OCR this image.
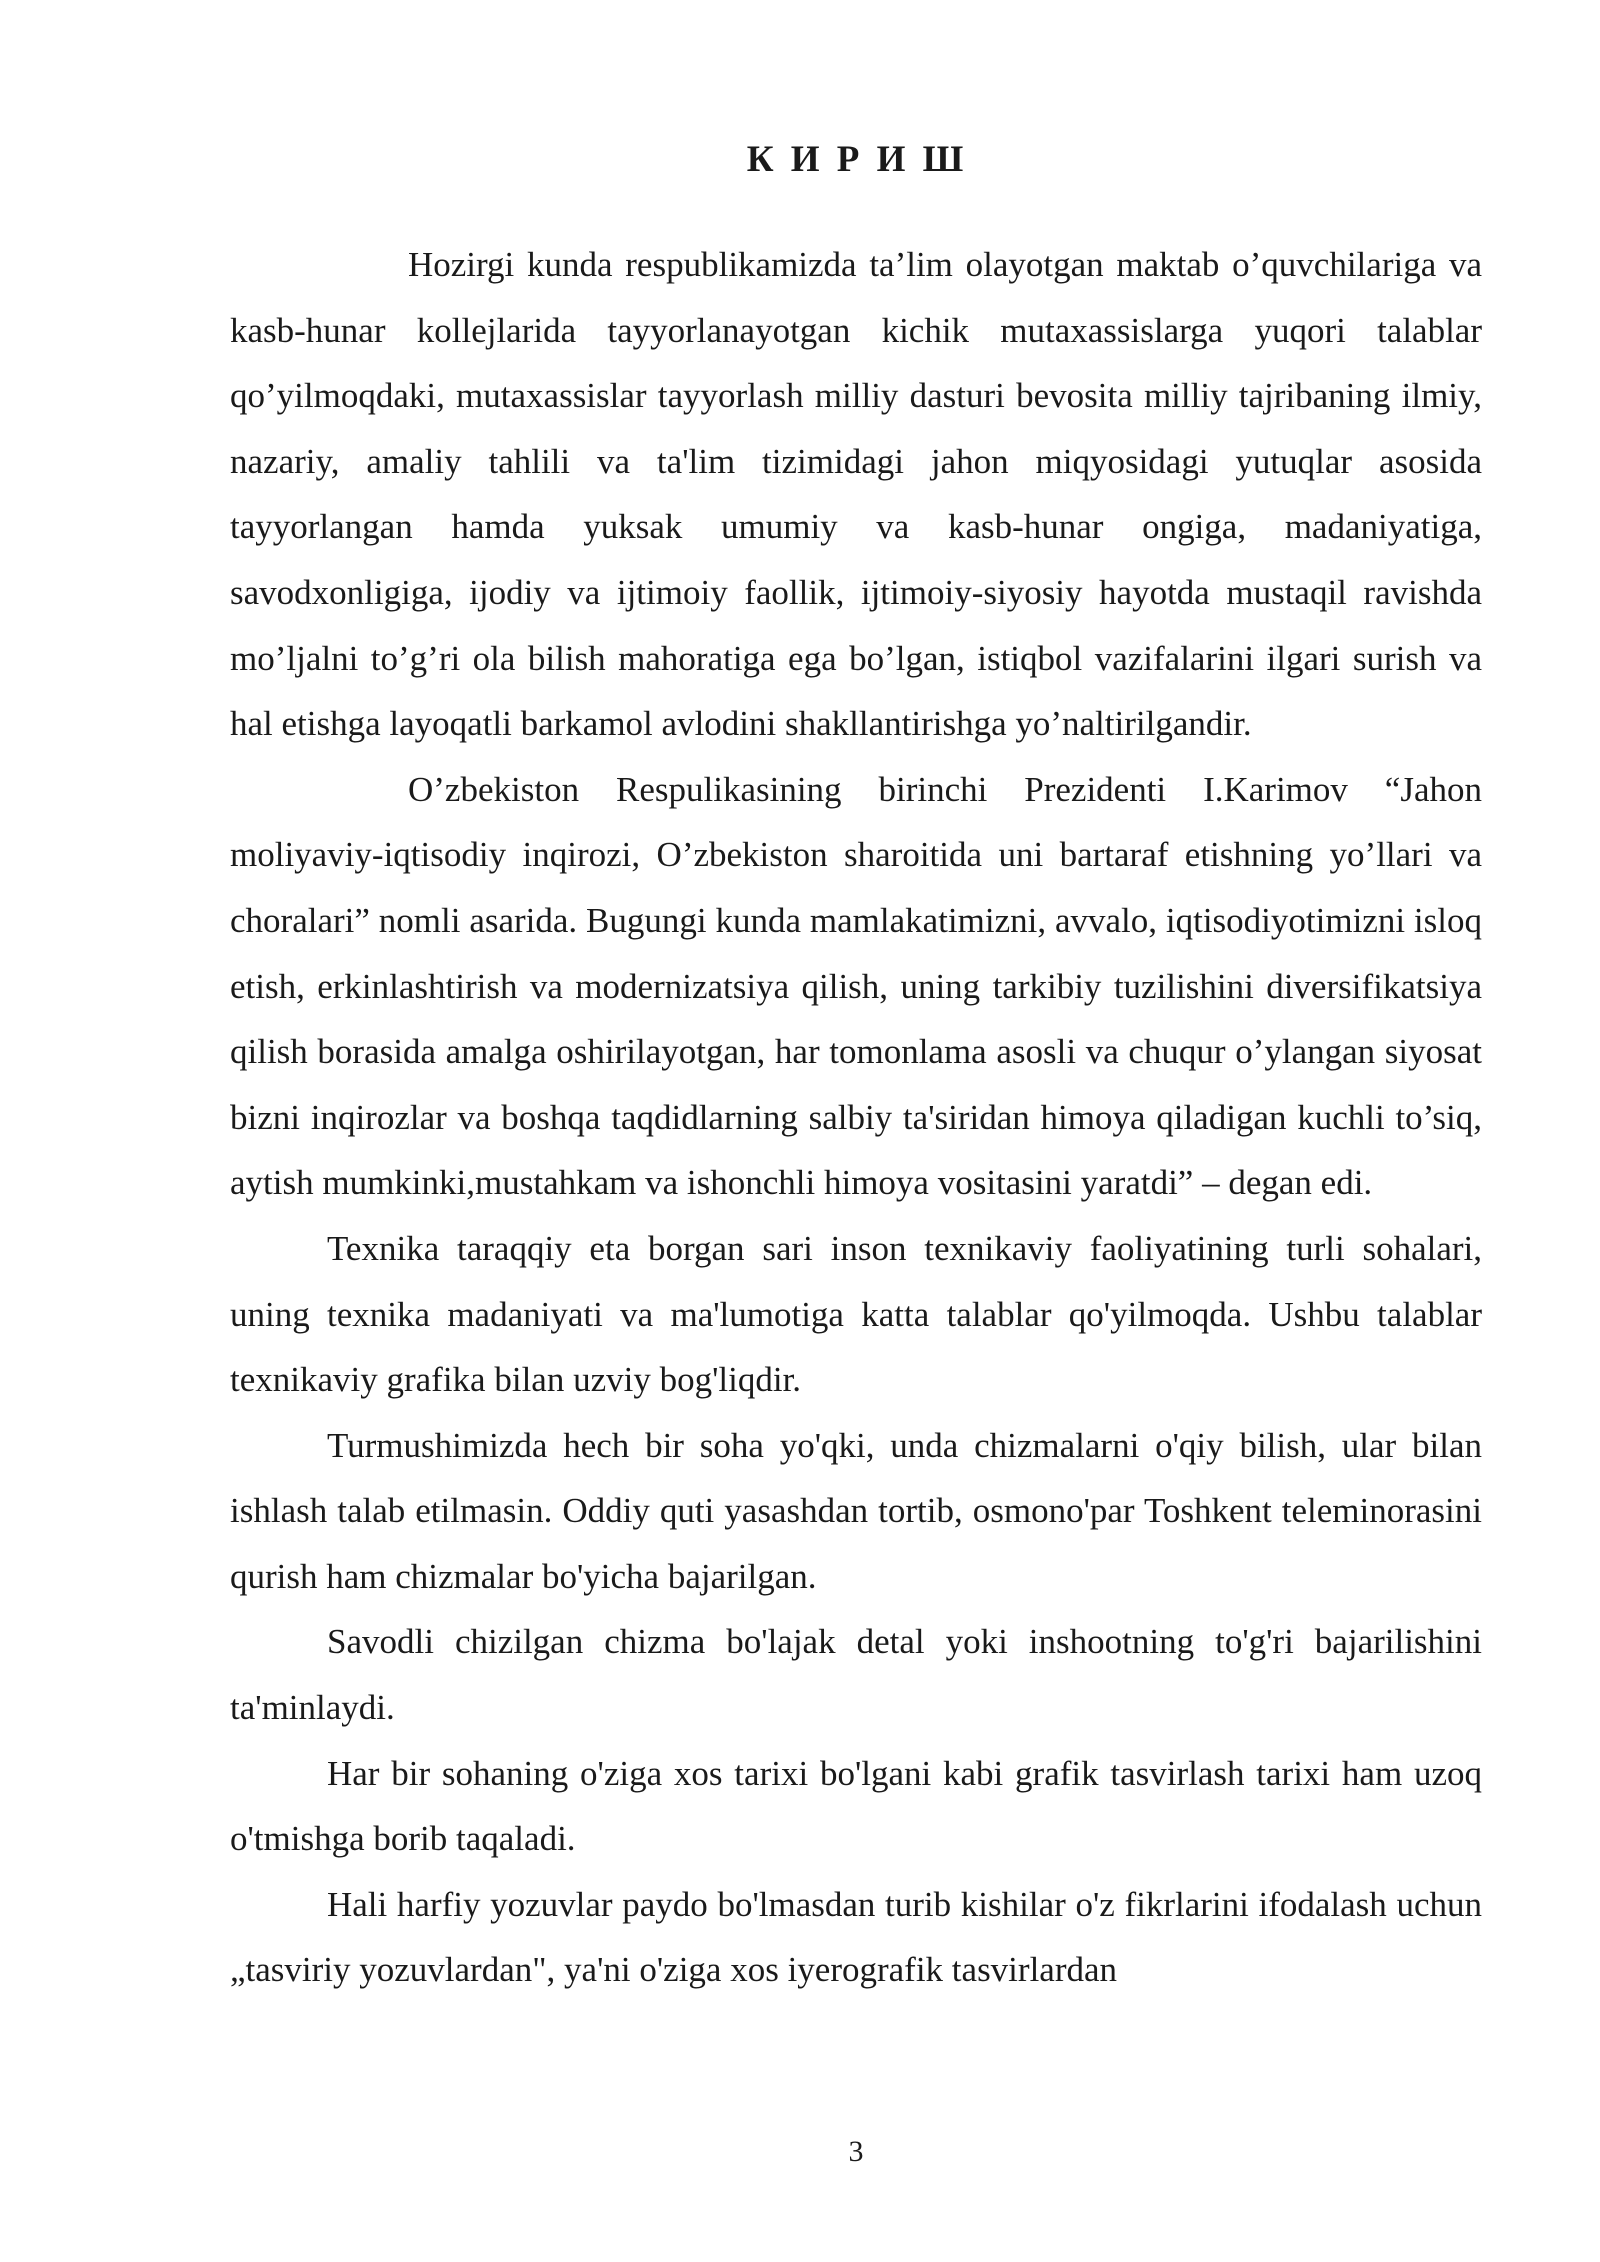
К И Р И Ш

Hozirgi kunda respublikamizda ta’lim olayotgan maktab o’quvchilariga va kasb-hunar kollejlarida tayyorlanayotgan kichik mutaxassislarga yuqori talablar qo’yilmoqdaki, mutaxassislar tayyorlash milliy dasturi bevosita milliy tajribaning ilmiy, nazariy, amaliy tahlili va ta'lim tizimidagi jahon miqyosidagi yutuqlar asosida tayyorlangan hamda yuksak umumiy va kasb-hunar ongiga, madaniyatiga, savodxonligiga, ijodiy va ijtimoiy faollik, ijtimoiy-siyosiy hayotda mustaqil ravishda mo’ljalni to’g’ri ola bilish mahoratiga ega bo’lgan, istiqbol vazifalarini ilgari surish va hal etishga layoqatli barkamol avlodini shakllantirishga yo’naltirilgandir.

O’zbekiston Respulikasining birinchi Prezidenti I.Karimov “Jahon moliyaviy-iqtisodiy inqirozi, O’zbekiston sharoitida uni bartaraf etishning yo’llari va choralari” nomli asarida. Bugungi kunda mamlakatimizni, avvalo, iqtisodiyotimizni isloq etish, erkinlashtirish va modernizatsiya qilish, uning tarkibiy tuzilishini diversifikatsiya qilish borasida amalga oshirilayotgan, har tomonlama asosli va chuqur o’ylangan siyosat bizni inqirozlar va boshqa taqdidlarning salbiy ta'siridan himoya qiladigan kuchli to’siq, aytish mumkinki,mustahkam va ishonchli himoya vositasini yaratdi” – degan edi.

Texnika taraqqiy eta borgan sari inson texnikaviy faoliyatining turli sohalari, uning texnika madaniyati va ma'lumotiga katta talablar qo'yilmoqda. Ushbu talablar texnikaviy grafika bilan uzviy bog'liqdir.

Turmushimizda hech bir soha yo'qki, unda chizmalarni o'qiy bilish, ular bilan ishlash talab etilmasin. Oddiy quti yasashdan tortib, osmono'par Toshkent teleminorasini qurish ham chizmalar bo'yicha bajarilgan.

Savodli chizilgan chizma bo'lajak detal yoki inshootning to'g'ri bajarilishini ta'minlaydi.

Har bir sohaning o'ziga xos tarixi bo'lgani kabi grafik tasvirlash tarixi ham uzoq o'tmishga borib taqaladi.

Hali harfiy yozuvlar paydo bo'lmasdan turib kishilar o'z fikrlarini ifodalash uchun „tasviriy yozuvlardan", ya'ni o'ziga xos iyerografik tasvirlardan

3
